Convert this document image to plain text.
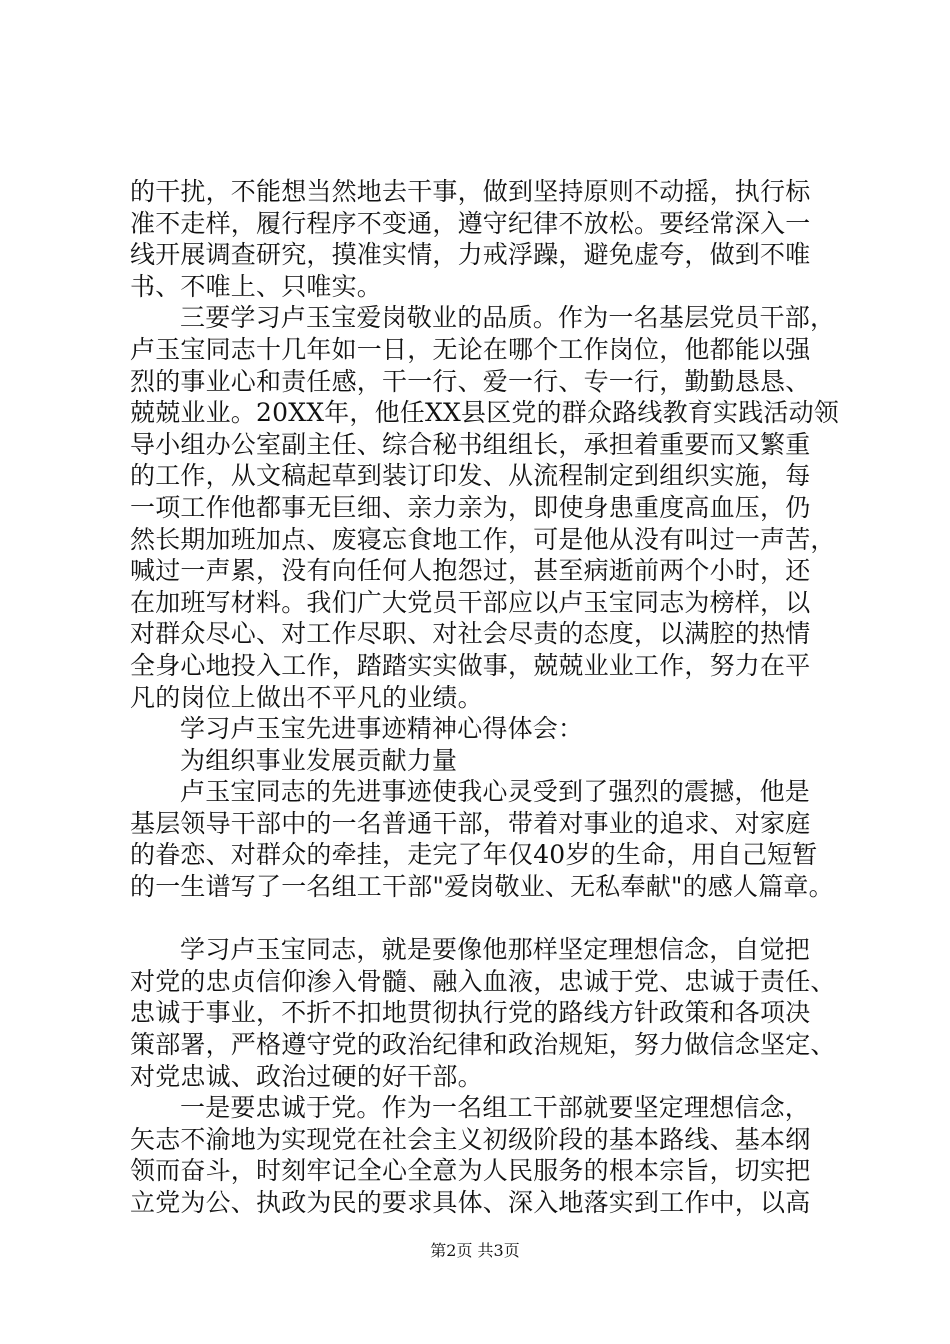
的干扰，不能想当然地去干事，做到坚持原则不动摇，执行标
准不走样，履行程序不变通，遵守纪律不放松。要经常深入一
线开展调查研究，摸准实情，力戒浮躁，避免虚夸，做到不唯
书、不唯上、只唯实。
三要学习卢玉宝爱岗敬业的品质。作为一名基层党员干部，
卢玉宝同志十几年如一日，无论在哪个工作岗位，他都能以强
烈的事业心和责任感，干一行、爱一行、专一行，勤勤恳恳、
兢兢业业。20XX年，他任XX县区党的群众路线教育实践活动领
导小组办公室副主任、综合秘书组组长，承担着重要而又繁重
的工作，从文稿起草到装订印发、从流程制定到组织实施，每
一项工作他都事无巨细、亲力亲为，即使身患重度高血压，仍
然长期加班加点、废寝忘食地工作，可是他从没有叫过一声苦，
喊过一声累，没有向任何人抱怨过，甚至病逝前两个小时，还
在加班写材料。我们广大党员干部应以卢玉宝同志为榜样，以
对群众尽心、对工作尽职、对社会尽责的态度，以满腔的热情
全身心地投入工作，踏踏实实做事，兢兢业业工作，努力在平
凡的岗位上做出不平凡的业绩。
学习卢玉宝先进事迹精神心得体会：
为组织事业发展贡献力量
卢玉宝同志的先进事迹使我心灵受到了强烈的震撼，他是
基层领导干部中的一名普通干部，带着对事业的追求、对家庭
的眷恋、对群众的牵挂，走完了年仅40岁的生命，用自己短暂
的一生谱写了一名组工干部"爱岗敬业、无私奉献"的感人篇章。
学习卢玉宝同志，就是要像他那样坚定理想信念，自觉把
对党的忠贞信仰渗入骨髓、融入血液，忠诚于党、忠诚于责任、
忠诚于事业，不折不扣地贯彻执行党的路线方针政策和各项决
策部署，严格遵守党的政治纪律和政治规矩，努力做信念坚定、
对党忠诚、政治过硬的好干部。
一是要忠诚于党。作为一名组工干部就要坚定理想信念，
矢志不渝地为实现党在社会主义初级阶段的基本路线、基本纲
领而奋斗，时刻牢记全心全意为人民服务的根本宗旨，切实把
立党为公、执政为民的要求具体、深入地落实到工作中，以高
第2页 共3页
